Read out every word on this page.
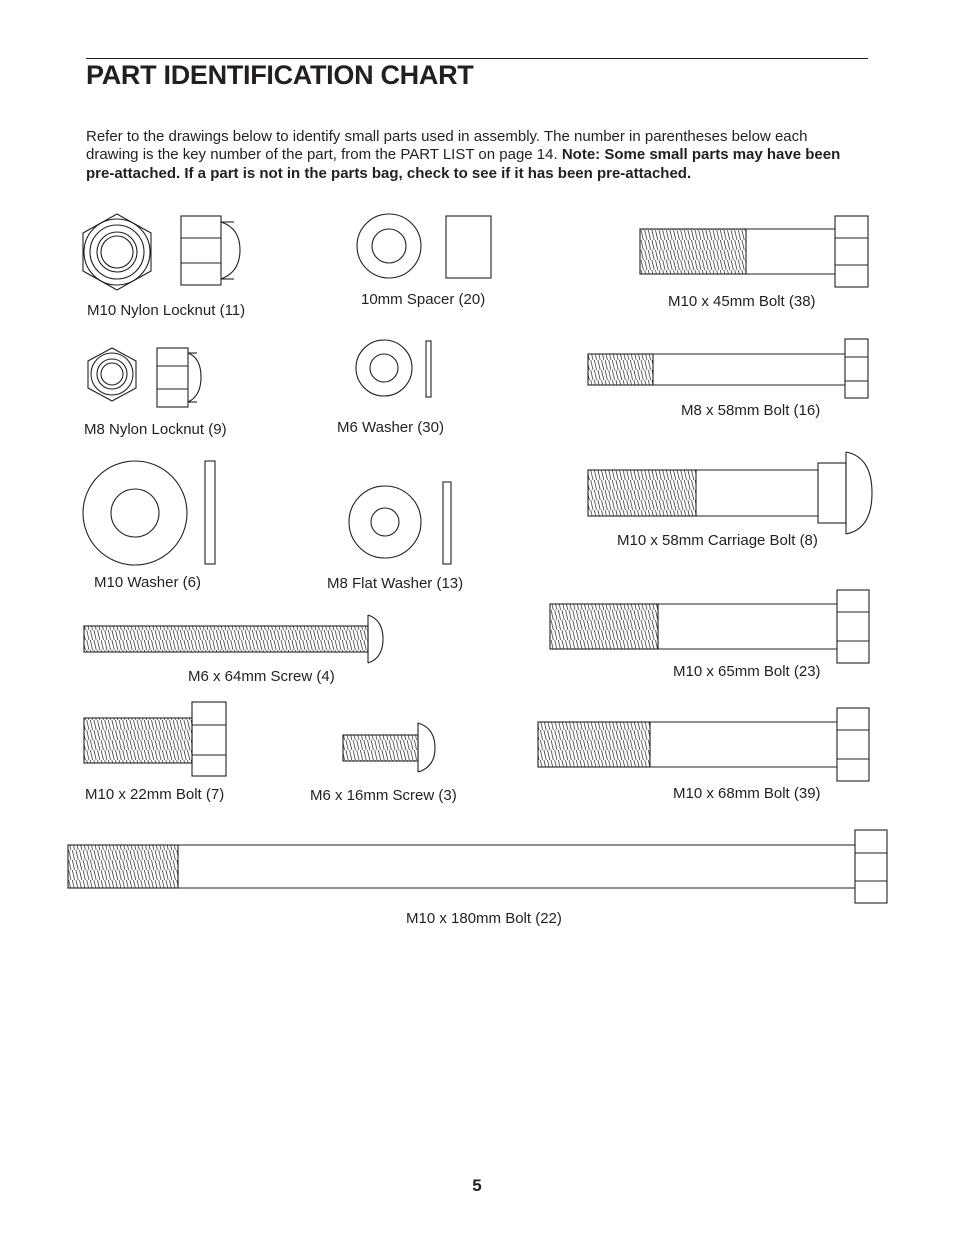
PART IDENTIFICATION CHART
Refer to the drawings below to identify small parts used in assembly. The number in parentheses below each drawing is the key number of the part, from the PART LIST on page 14. Note: Some small parts may have been pre-attached. If a part is not in the parts bag, check to see if it has been pre-attached.
M10 Nylon Locknut (11)
10mm Spacer (20)	M10 x 45mm Bolt (38)
M8 Nylon Locknut (9)	M6 Washer (30)
M8 x 58mm Bolt (16)
M10 Washer (6)	M8 Flat Washer (13)
M10 x 58mm Carriage Bolt (8)
M6 x 64mm Screw (4)	M10 x 65mm Bolt (23)
M10 x 22mm Bolt (7)	M6 x 16mm Screw (3)	M10 x 68mm Bolt (39)
M10 x 180mm Bolt (22)
5
